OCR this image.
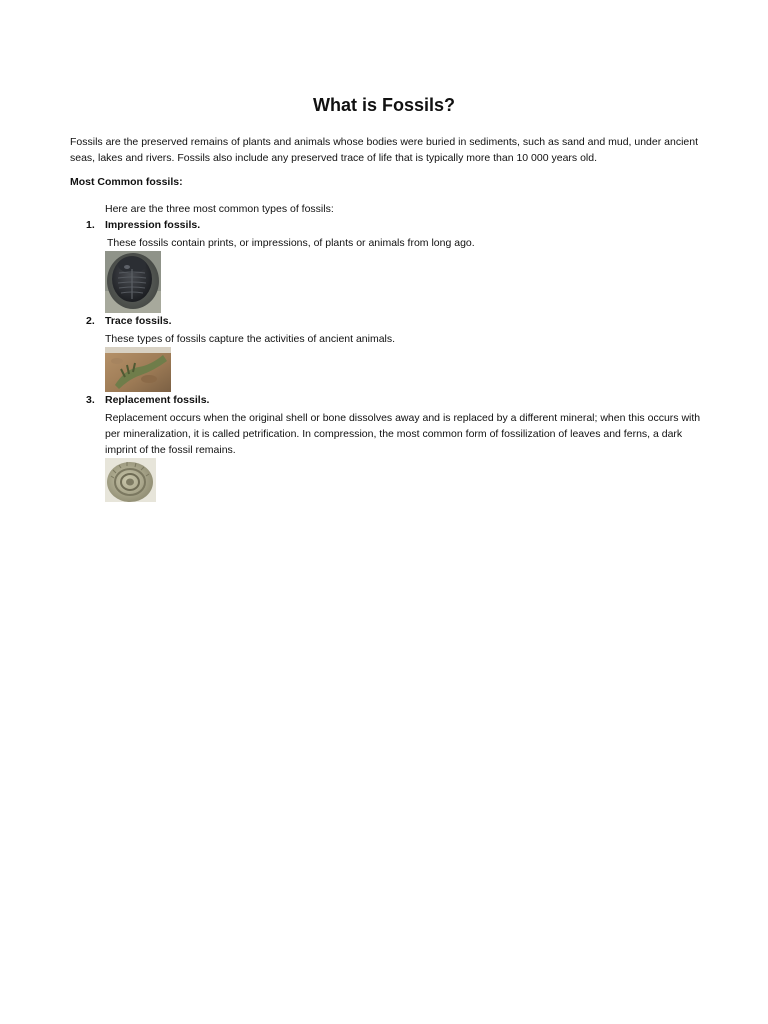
What is Fossils?

Fossils are the preserved remains of plants and animals whose bodies were buried in sediments, such as sand and mud, under ancient seas, lakes and rivers. Fossils also include any preserved trace of life that is typically more than 10 000 years old.

Most Common fossils:

Here are the three most common types of fossils:

1. Impression fossils.
These fossils contain prints, or impressions, of plants or animals from long ago.
2. Trace fossils.
These types of fossils capture the activities of ancient animals.
3. Replacement fossils.
Replacement occurs when the original shell or bone dissolves away and is replaced by a different mineral; when this occurs with per mineralization, it is called petrification. In compression, the most common form of fossilization of leaves and ferns, a dark imprint of the fossil remains.
